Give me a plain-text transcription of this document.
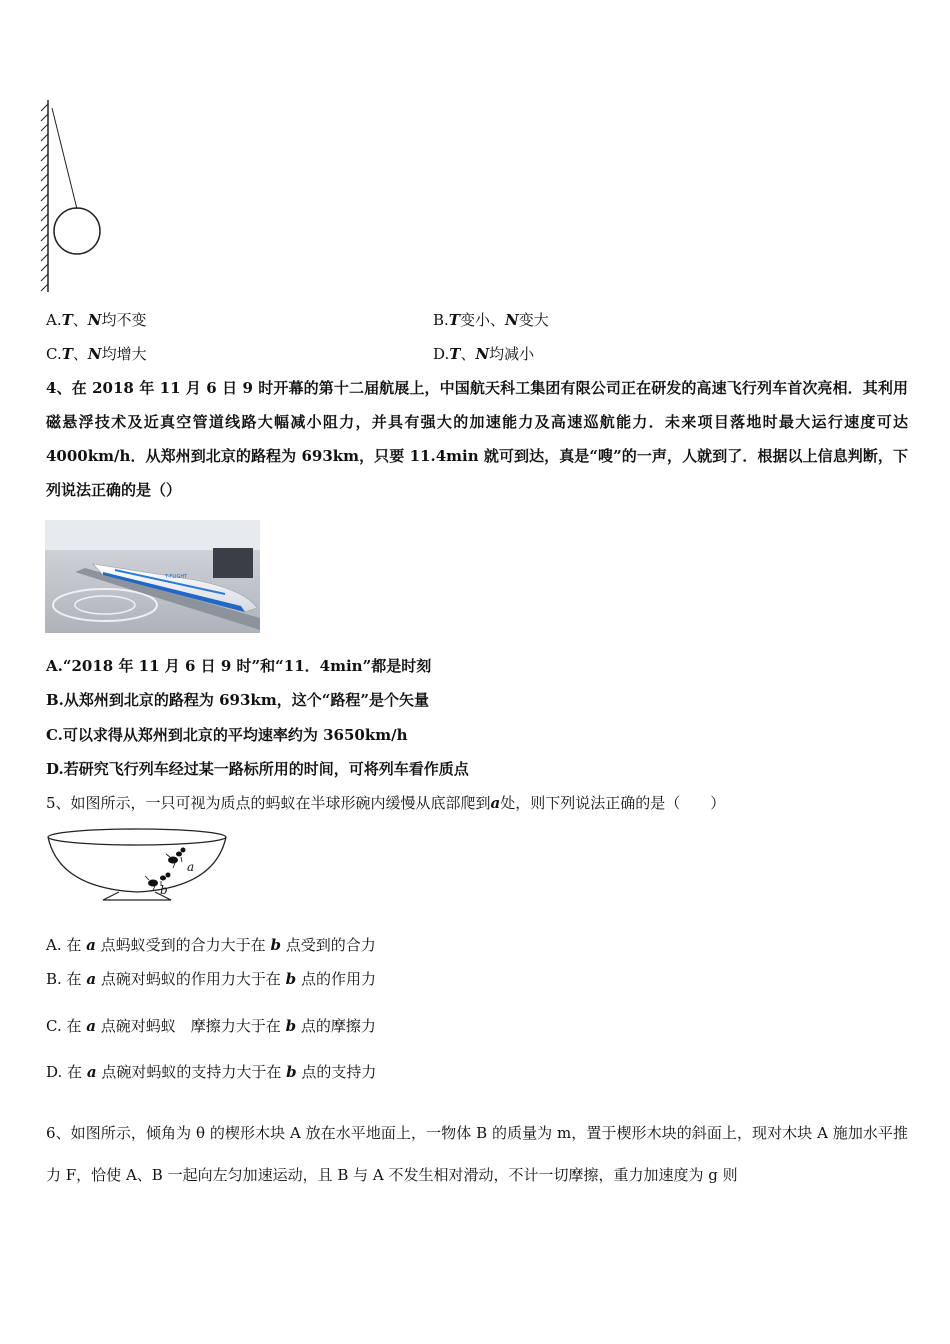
A.T、N均不变	B.T变小、N变大
C.T、N均增大	D.T、N均减小
4、在 2018 年 11 月 6 日 9 时开幕的第十二届航展上，中国航天科工集团有限公司正在研发的高速飞行列车首次亮相．其利用磁悬浮技术及近真空管道线路大幅减小阻力，并具有强大的加速能力及高速巡航能力．未来项目落地时最大运行速度可达 4000km/h．从郑州到北京的路程为 693km，只要 11.4min 就可到达，真是“嗖”的一声，人就到了．根据以上信息判断，下列说法正确的是（）
T-FLIGHT
A.“2018 年 11 月 6 日 9 时”和“11．4min”都是时刻
B.从郑州到北京的路程为 693km，这个“路程”是个矢量
C.可以求得从郑州到北京的平均速率约为 3650km/h
D.若研究飞行列车经过某一路标所用的时间，可将列车看作质点
5、如图所示，一只可视为质点的蚂蚁在半球形碗内缓慢从底部爬到a处，则下列说法正确的是（　　）
a
b
A. 在 a 点蚂蚁受到的合力大于在 b 点受到的合力
B. 在 a 点碗对蚂蚁的作用力大于在 b 点的作用力
C. 在 a 点碗对蚂蚁　摩擦力大于在 b 点的摩擦力
D. 在 a 点碗对蚂蚁的支持力大于在 b 点的支持力
6、如图所示，倾角为 θ 的楔形木块 A 放在水平地面上，一物体 B 的质量为 m，置于楔形木块的斜面上，现对木块 A 施加水平推力 F，恰使 A、B 一起向左匀加速运动，且 B 与 A 不发生相对滑动，不计一切摩擦，重力加速度为 g 则
